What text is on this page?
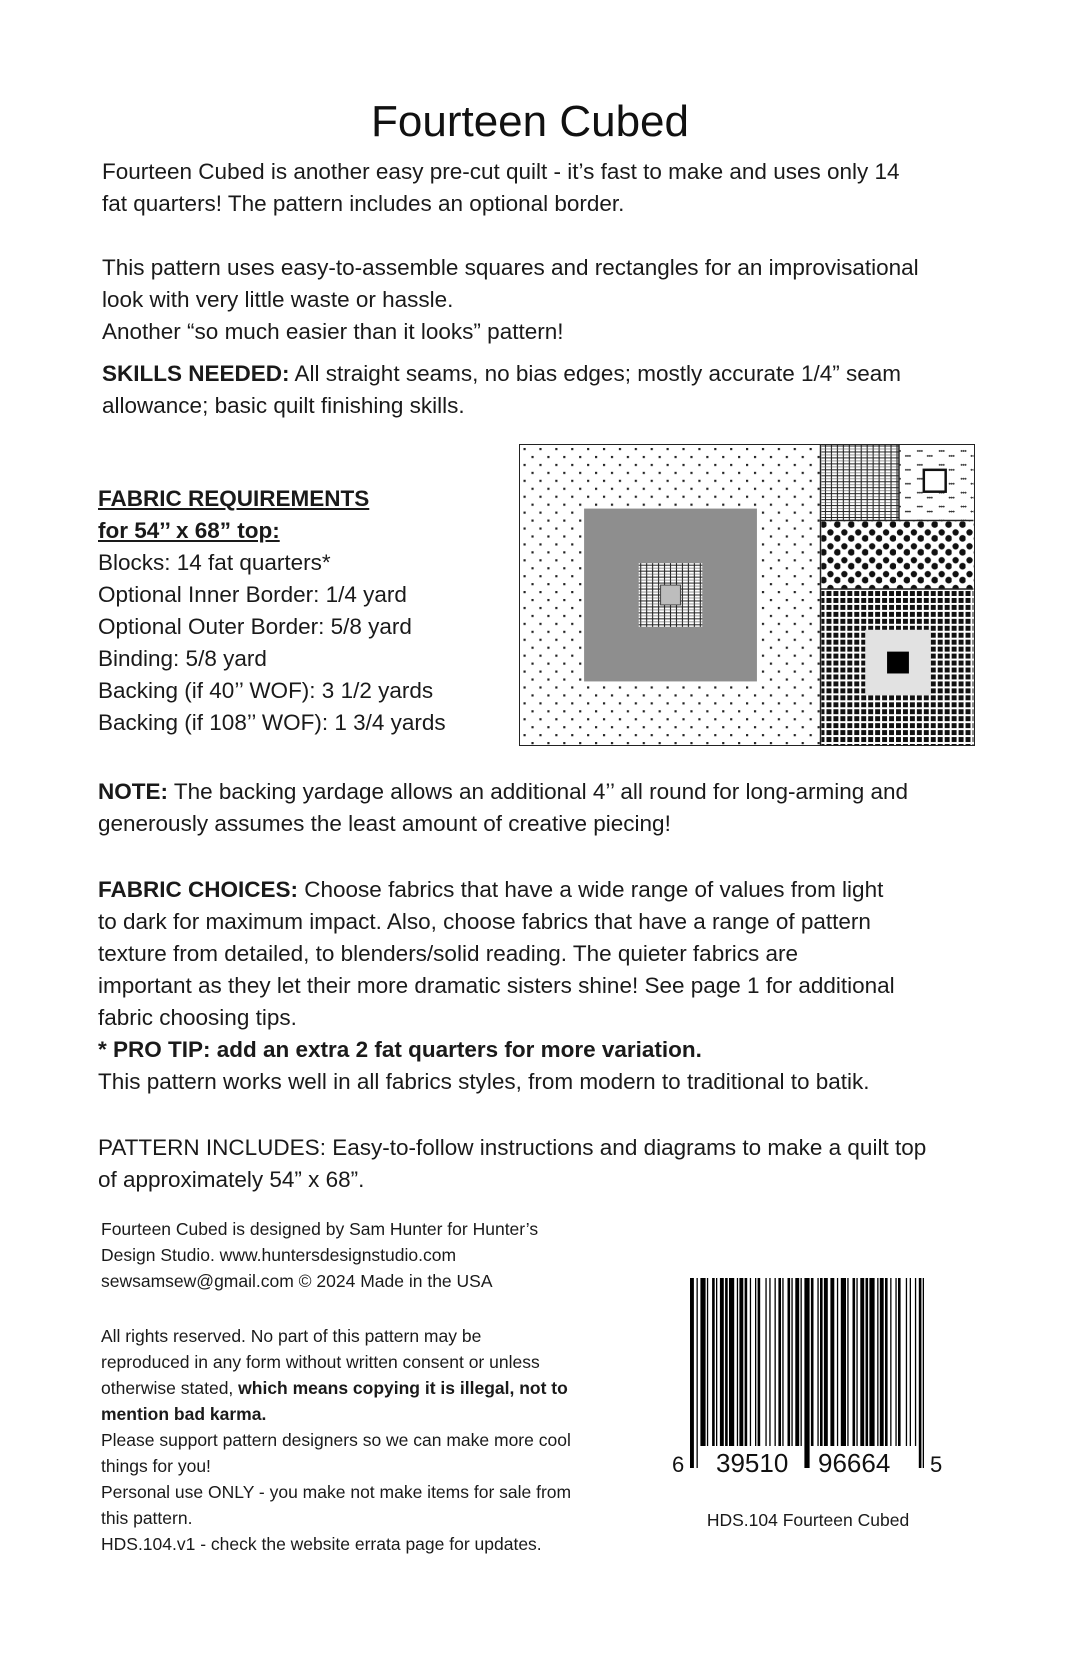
Fourteen Cubed
Fourteen Cubed is another easy pre-cut quilt - it’s fast to make and uses only 14
fat quarters! The pattern includes an optional border.
This pattern uses easy-to-assemble squares and rectangles for an improvisational
look with very little waste or hassle.
Another “so much easier than it looks” pattern!
SKILLS NEEDED: All straight seams, no bias edges; mostly accurate 1/4” seam
allowance; basic quilt finishing skills.
FABRIC REQUIREMENTS
for 54’’ x 68” top:
Blocks: 14 fat quarters*
Optional Inner Border: 1/4 yard
Optional Outer Border: 5/8 yard
Binding: 5/8 yard
Backing (if 40’’ WOF): 3 1/2 yards
Backing (if 108’’ WOF): 1 3/4 yards
NOTE: The backing yardage allows an additional 4’’ all round for long-arming and
generously assumes the least amount of creative piecing!
FABRIC CHOICES: Choose fabrics that have a wide range of values from light
to dark for maximum impact. Also, choose fabrics that have a range of pattern
texture from detailed, to blenders/solid reading. The quieter fabrics are
important as they let their more dramatic sisters shine! See page 1 for additional
fabric choosing tips.
* PRO TIP: add an extra 2 fat quarters for more variation.
This pattern works well in all fabrics styles, from modern to traditional to batik.
PATTERN INCLUDES: Easy-to-follow instructions and diagrams to make a quilt top
of approximately 54” x 68”.
Fourteen Cubed is designed by Sam Hunter for Hunter’s
Design Studio. www.huntersdesignstudio.com
sewsamsew@gmail.com © 2024 Made in the USA
All rights reserved. No part of this pattern may be
reproduced in any form without written consent or unless
otherwise stated, which means copying it is illegal, not to
mention bad karma.
Please support pattern designers so we can make more cool
things for you!
Personal use ONLY - you make not make items for sale from
this pattern.
HDS.104.v1 - check the website errata page for updates.
6 39510 96664 5
HDS.104 Fourteen Cubed
